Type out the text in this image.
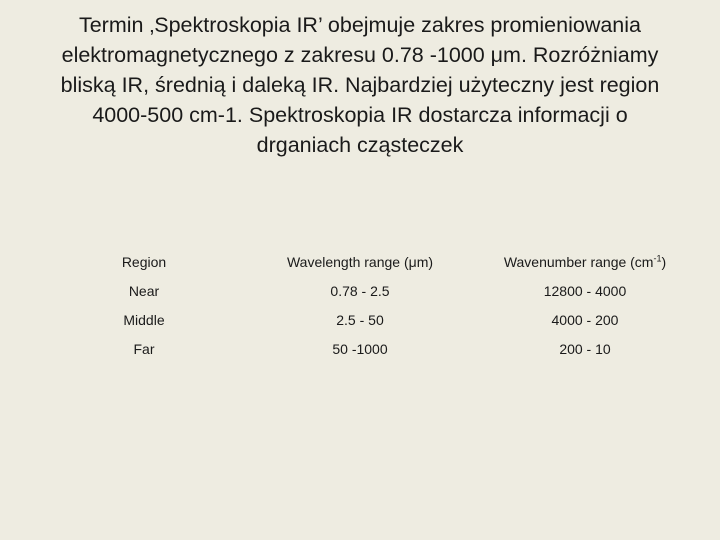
Termin ‚Spektroskopia IR’ obejmuje zakres promieniowania
elektromagnetycznego z zakresu 0.78 -1000 μm. Rozróżniamy
bliską IR, średnią i daleką IR. Najbardziej użyteczny jest region
4000-500 cm-1. Spektroskopia IR dostarcza informacji o
drganiach cząsteczek
Region	Wavelength range (μm)	Wavenumber range $(cm^{-1})$
Near	0.78 - 2.5	12800 - 4000
Middle	2.5 - 50	4000 - 200
Far	50 -1000	200 - 10
